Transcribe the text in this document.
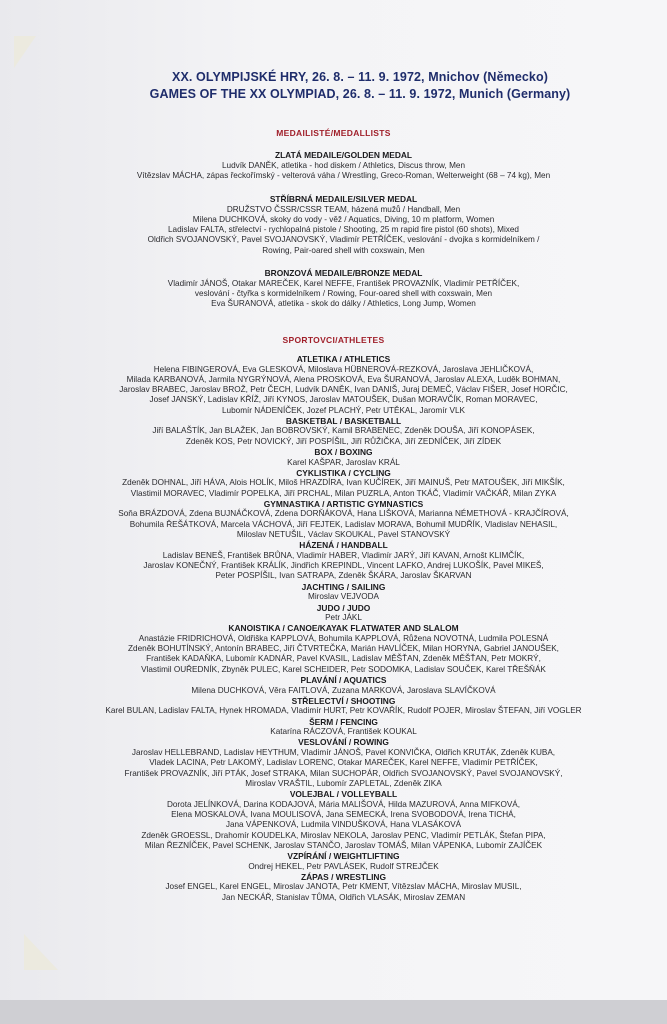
XX. OLYMPIJSKÉ HRY, 26. 8. – 11. 9. 1972, Mnichov (Německo)
GAMES OF THE XX OLYMPIAD, 26. 8. – 11. 9. 1972, Munich (Germany)
MEDAILISTÉ/MEDALLISTS
ZLATÁ MEDAILE/GOLDEN MEDAL
Ludvík DANĚK, atletika - hod diskem / Athletics, Discus throw, Men
Vítězslav MÁCHA, zápas řeckořímský - velterová váha / Wrestling, Greco-Roman, Welterweight (68 – 74 kg), Men
STŘÍBRNÁ MEDAILE/SILVER MEDAL
DRUŽSTVO ČSSR/CSSR TEAM, házená mužů / Handball, Men
Milena DUCHKOVÁ, skoky do vody - věž / Aquatics, Diving, 10 m platform, Women
Ladislav FALTA, střelectví - rychlopalná pistole / Shooting, 25 m rapid fire pistol (60 shots), Mixed
Oldřich SVOJANOVSKÝ, Pavel SVOJANOVSKÝ, Vladimír PETŘÍČEK, veslování - dvojka s kormidelníkem /
Rowing, Pair-oared shell with coxswain, Men
BRONZOVÁ MEDAILE/BRONZE MEDAL
Vladimír JÁNOŠ, Otakar MAREČEK, Karel NEFFE, František PROVAZNÍK, Vladimír PETŘÍČEK,
veslování - čtyřka s kormidelníkem / Rowing, Four-oared shell with coxswain, Men
Eva ŠURANOVÁ, atletika - skok do dálky / Athletics, Long Jump, Women
SPORTOVCI/ATHLETES
ATLETIKA / ATHLETICS
Helena FIBINGEROVÁ, Eva GLESKOVÁ, Miloslava HÜBNEROVÁ-REZKOVÁ, Jaroslava JEHLIČKOVÁ,
Milada KARBANOVÁ, Jarmila NYGRÝNOVÁ, Alena PROSKOVÁ, Eva ŠURANOVÁ, Jaroslav ALEXA, Luděk BOHMAN,
Jaroslav BRABEC, Jaroslav BROŽ, Petr ČECH, Ludvík DANĚK, Ivan DANIŠ, Juraj DEMEČ, Václav FIŠER, Josef HORČIC,
Josef JANSKÝ, Ladislav KŘÍŽ, Jiří KYNOS, Jaroslav MATOUŠEK, Dušan MORAVČÍK, Roman MORAVEC,
Lubomír NÁDENÍČEK, Jozef PLACHÝ, Petr UTĚKAL, Jaromír VLK
BASKETBAL / BASKETBALL
Jiří BALAŠTÍK, Jan BLAŽEK, Jan BOBROVSKÝ, Kamil BRABENEC, Zdeněk DOUŠA, Jiří KONOPÁSEK,
Zdeněk KOS, Petr NOVICKÝ, Jiří POSPÍŠIL, Jiří RŮŽIČKA, Jiří ZEDNÍČEK, Jiří ZÍDEK
BOX / BOXING
Karel KAŠPAR, Jaroslav KRÁL
CYKLISTIKA / CYCLING
Zdeněk DOHNAL, Jiří HÁVA, Alois HOLÍK, Miloš HRAZDÍRA, Ivan KUČÍREK, Jiří MAINUŠ, Petr MATOUŠEK, Jiří MIKŠÍK,
Vlastimil MORAVEC, Vladimír POPELKA, Jiří PRCHAL, Milan PUZRLA, Anton TKÁČ, Vladimír VAČKÁŘ, Milan ZYKA
GYMNASTIKA / ARTISTIC GYMNASTICS
Soňa BRÁZDOVÁ, Zdena BUJNÁČKOVÁ, Zdena DORŇÁKOVÁ, Hana LIŠKOVÁ, Marianna NÉMETHOVÁ - KRAJČÍROVÁ,
Bohumila ŘEŠÁTKOVÁ, Marcela VÁCHOVÁ, Jiří FEJTEK, Ladislav MORAVA, Bohumil MUDŘÍK, Vladislav NEHASIL,
Miloslav NETUŠIL, Václav SKOUKAL, Pavel STANOVSKÝ
HÁZENÁ / HANDBALL
Ladislav BENEŠ, František BRŮNA, Vladimír HABER, Vladimír JARÝ, Jiří KAVAN, Arnošt KLIMČÍK,
Jaroslav KONEČNÝ, František KRÁLÍK, Jindřich KREPINDL, Vincent LAFKO, Andrej LUKOŠÍK, Pavel MIKEŠ,
Peter POSPÍŠIL, Ivan SATRAPA, Zdeněk ŠKÁRA, Jaroslav ŠKARVAN
JACHTING / SAILING
Miroslav VEJVODA
JUDO / JUDO
Petr JÁKL
KANOISTIKA / CANOE/KAYAK FLATWATER AND SLALOM
Anastázie FRIDRICHOVÁ, Oldřiška KAPPLOVÁ, Bohumila KAPPLOVÁ, Růžena NOVOTNÁ, Ludmila POLESNÁ
Zdeněk BOHUTÍNSKÝ, Antonín BRABEC, Jiří ČTVRTEČKA, Marián HAVLÍČEK, Milan HORYNA, Gabriel JANOUŠEK,
František KADAŇKA, Lubomír KADNÁR, Pavel KVASIL, Ladislav MĚŠŤAN, Zdeněk MĚŠŤAN, Petr MOKRÝ,
Vlastimil OUŘEDNÍK, Zbyněk PULEC, Karel SCHEIDER, Petr SODOMKA, Ladislav SOUČEK, Karel TŘEŠŇÁK
PLAVÁNÍ / AQUATICS
Milena DUCHKOVÁ, Věra FAITLOVÁ, Zuzana MARKOVÁ, Jaroslava SLAVÍČKOVÁ
STŘELECTVÍ / SHOOTING
Karel BULAN, Ladislav FALTA, Hynek HROMADA, Vladimír HURT, Petr KOVAŘÍK, Rudolf POJER, Miroslav ŠTEFAN, Jiří VOGLER
ŠERM / FENCING
Katarína RÁCZOVÁ, František KOUKAL
VESLOVÁNÍ / ROWING
Jaroslav HELLEBRAND, Ladislav HEYTHUM, Vladimír JÁNOŠ, Pavel KONVIČKA, Oldřich KRUTÁK, Zdeněk KUBA,
Vladek LACINA, Petr LAKOMÝ, Ladislav LORENC, Otakar MAREČEK, Karel NEFFE, Vladimír PETŘÍČEK,
František PROVAZNÍK, Jiří PTÁK, Josef STRAKA, Milan SUCHOPÁR, Oldřich SVOJANOVSKÝ, Pavel SVOJANOVSKÝ,
Miroslav VRAŠTIL, Lubomír ZAPLETAL, Zdeněk ZIKA
VOLEJBAL / VOLLEYBALL
Dorota JELÍNKOVÁ, Darina KODAJOVÁ, Mária MALIŠOVÁ, Hilda MAZUROVÁ, Anna MIFKOVÁ,
Elena MOSKALOVÁ, Ivana MOULISOVÁ, Jana SEMECKÁ, Irena SVOBODOVÁ, Irena TICHÁ,
Jana VÁPENKOVÁ, Ludmila VINDUŠKOVÁ, Hana VLASÁKOVÁ
Zdeněk GROESSL, Drahomír KOUDELKA, Miroslav NEKOLA, Jaroslav PENC, Vladimír PETLÁK, Štefan PIPA,
Milan ŘEZNÍČEK, Pavel SCHENK, Jaroslav STANČO, Jaroslav TOMÁŠ, Milan VÁPENKA, Lubomír ZAJÍČEK
VZPÍRÁNÍ / WEIGHTLIFTING
Ondrej HEKEL, Petr PAVLÁSEK, Rudolf STREJČEK
ZÁPAS / WRESTLING
Josef ENGEL, Karel ENGEL, Miroslav JANOTA, Petr KMENT, Vítězslav MÁCHA, Miroslav MUSIL,
Jan NECKÁŘ, Stanislav TŮMA, Oldřich VLASÁK, Miroslav ZEMAN
